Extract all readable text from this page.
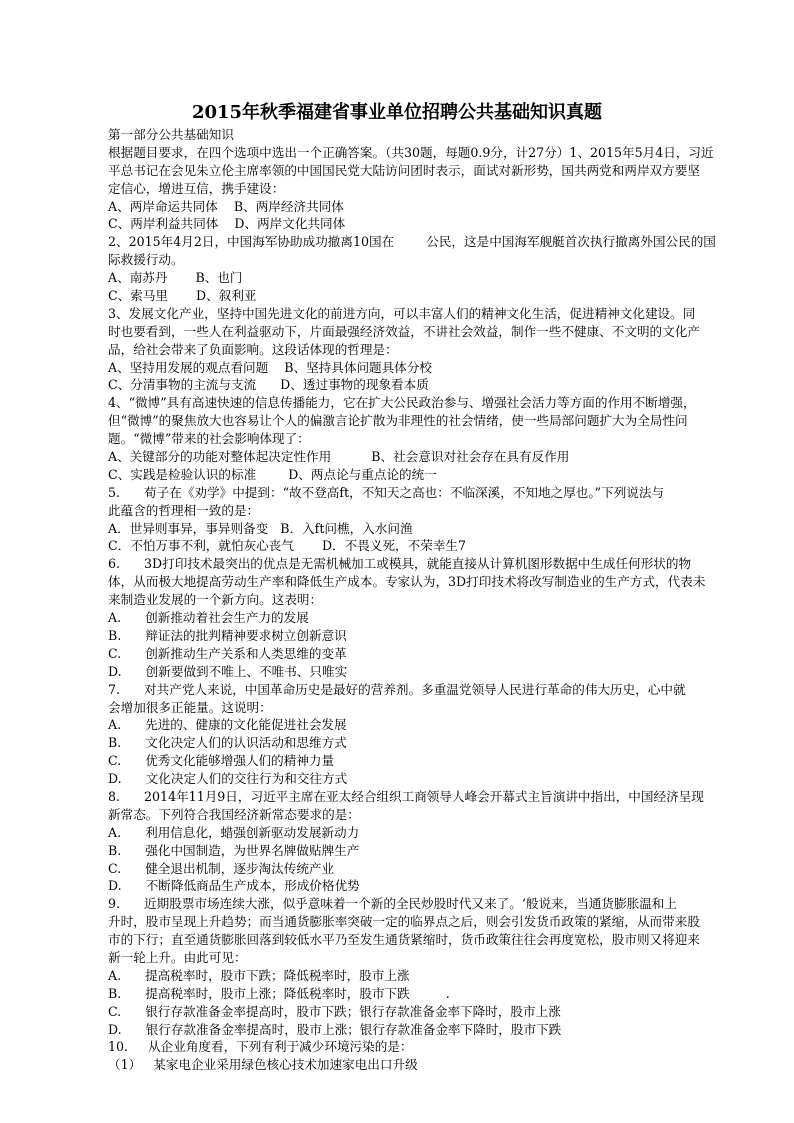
2015年秋季福建省事业单位招聘公共基础知识真题
第一部分公共基础知识
根据题目要求，在四个选项中选出一个正确答案。（共30题，每题0.9分，计27分）1、2015年5月4日，习近
平总书记在会见朱立伦主席率领的中国国民党大陆访问团时表示，面试对新形势，国共两党和两岸双方要坚
定信心，增进互信，携手建设：
A、两岸命运共同体    B、两岸经济共同体
C、两岸利益共同体    D、两岸文化共同体
2、2015年4月2日，中国海军协助成功撤离10国在        公民，这是中国海军舰艇首次执行撤离外国公民的国
际救援行动。
A、南苏丹       B、也门
C、索马里       D、叙利亚
3、发展文化产业，坚持中国先进文化的前进方向，可以丰富人们的精神文化生活，促进精神文化建设。同
时也要看到，一些人在利益驱动下，片面最强经济效益，不讲社会效益，制作一些不健康、不文明的文化产
品，给社会带来了负面影响。这段话体现的哲理是：
A、坚持用发展的观点看问题    B、坚持具体问题具体分校
C、分清事物的主流与支流      D、透过事物的现象看本质
4、“微博”具有高速快速的信息传播能力，它在扩大公民政治参与、增强社会活力等方面的作用不断增强，
但“微博”的聚焦放大也容易让个人的偏激言论扩散为非理性的社会情绪，使一些局部问题扩大为全局性问
题。“微博”带来的社会影响体现了：
A、关键部分的功能对整体起决定性作用          B、社会意识对社会存在具有反作用
C、实践是检验认识的标准        D、两点论与重点论的统一
5.      荀子在《劝学》中提到：“故不登高ft，不知天之高也：不临深溪，不知地之厚也。”下列说法与
此蕴含的哲理相一致的是：
A．世异则事异，事异则备变   B．入ft问樵，入水问渔
C．不怕万事不利，就怕灰心丧气       D．不畏义死，不荣幸生7
6.      3D打印技术最突出的优点是无需机械加工或模具，就能直接从计算机图形数据中生成任何形状的物
体，从而极大地提高劳动生产率和降低生产成本。专家认为，3D打印技术将改写制造业的生产方式，代表未
来制造业发展的一个新方向。这表明：
A.      创新推动着社会生产力的发展
B.      辩证法的批判精神要求树立创新意识
C.      创新推动生产关系和人类思维的变革
D.      创新要做到不唯上、不唯书、只唯实
7.      对共产党人来说，中国革命历史是最好的营养剂。多重温党领导人民进行革命的伟大历史，心中就
会增加很多正能量。这说明：
A.      先进的、健康的文化能促进社会发展
B.      文化决定人们的认识活动和思维方式
C.      优秀文化能够增强人们的精神力量
D.      文化决定人们的交往行为和交往方式
8.      2014年11月9日，习近平主席在亚太经合组织工商领导人峰会开幕式主旨演讲中指出，中国经济呈现
新常态。下列符合我国经济新常态要求的是：
A.      利用信息化，蜡强创新驱动发展新动力
B.      强化中国制造，为世界名牌做贴牌生产
C.      健全退出机制，逐步淘汰传统产业
D.      不断降低商品生产成本，形成价格优势
9.      近期股票市场连续大涨，似乎意味着一个新的全民炒股时代又来了。‘般说来，当通货膨胀温和上
升时，股市呈现上升趋势；而当通货膨胀率突破一定的临界点之后，则会引发货币政策的紧缩，从而带来股
市的下行；直至通货膨胀回落到较低水平乃至发生通货紧缩时，货币政策往往会再度宽松，股市则又将迎来
新一轮上升。由此可见：
A.      提高税率时，股市下跌；降低税率时，股市上涨
B.      提高税率时，股市上涨；降低税率时，股市下跌         .
C.      银行存款准备金率提高时，股市下跌；银行存款准备金率下降时，股市上涨
D.      银行存款准备金率提高时，股市上涨；银行存款准备金率下降时，股市下跌
10.     从企业角度看，下列有利于减少环境污染的是：
（1）   某家电企业采用绿色核心技术加速家电出口升级
